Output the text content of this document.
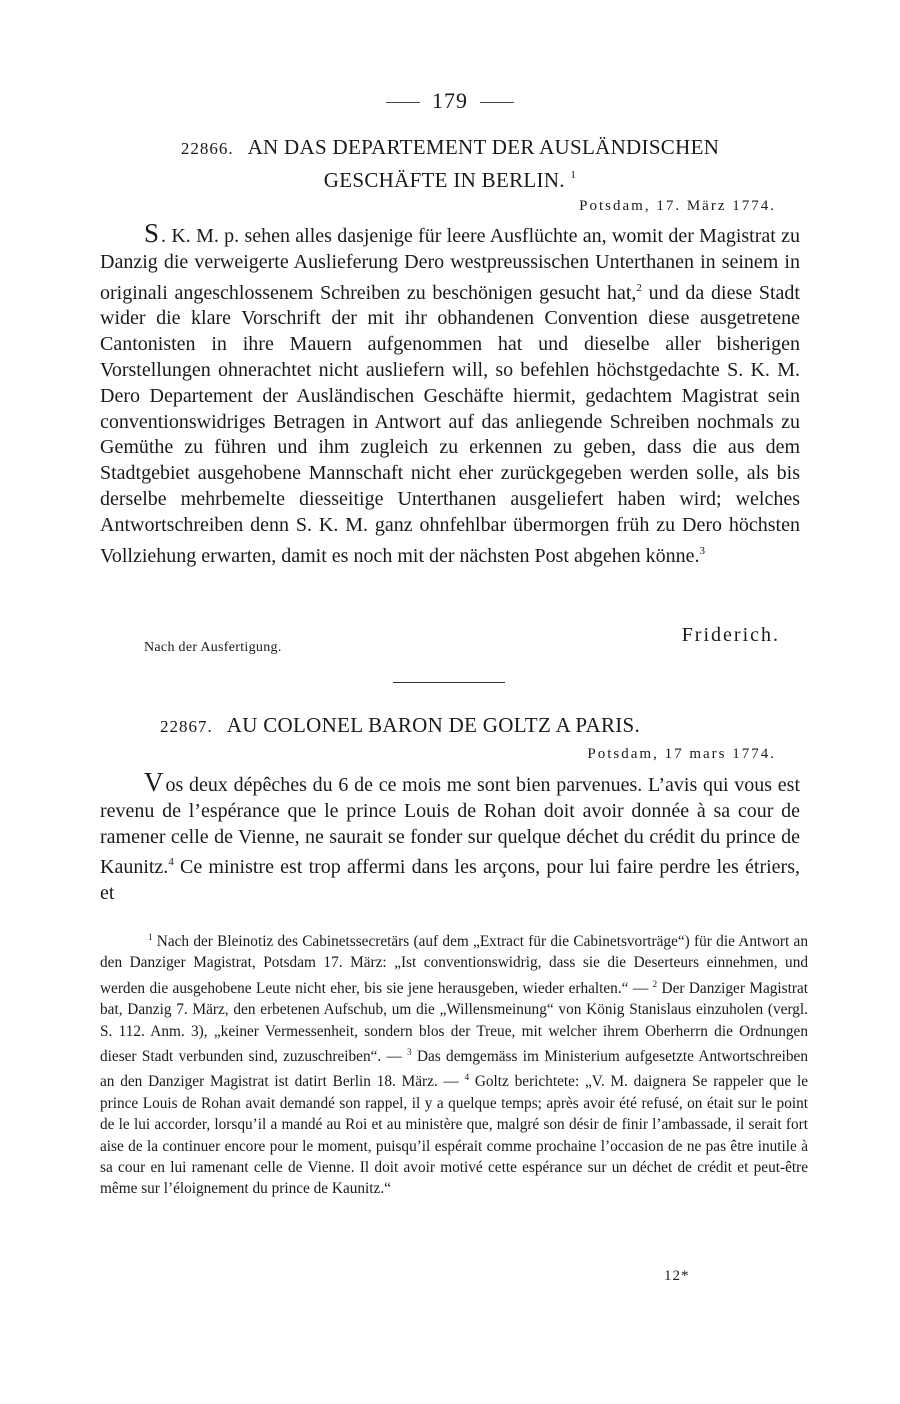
179
22866. AN DAS DEPARTEMENT DER AUSLÄNDISCHEN
GESCHÄFTE IN BERLIN. $^1$
Potsdam, 17. März 1774.

S. K. M. p. sehen alles dasjenige für leere Ausflüchte an, womit der Magistrat zu Danzig die verweigerte Auslieferung Dero westpreussischen Unterthanen in seinem in originali angeschlossenem Schreiben zu beschönigen gesucht hat,$^2$ und da diese Stadt wider die klare Vorschrift der mit ihr obhandenen Convention diese ausgetretene Cantonisten in ihre Mauern aufgenommen hat und dieselbe aller bisherigen Vorstellungen ohnerachtet nicht ausliefern will, so befehlen höchstgedachte S. K. M. Dero Departement der Ausländischen Geschäfte hiermit, gedachtem Magistrat sein conventionswidriges Betragen in Antwort auf das anliegende Schreiben nochmals zu Gemüthe zu führen und ihm zugleich zu erkennen zu geben, dass die aus dem Stadtgebiet ausgehobene Mannschaft nicht eher zurückgegeben werden solle, als bis derselbe mehrbemelte diesseitige Unterthanen ausgeliefert haben wird; welches Antwortschreiben denn S. K. M. ganz ohnfehlbar übermorgen früh zu Dero höchsten Vollziehung erwarten, damit es noch mit der nächsten Post abgehen könne.$^3$

Friderich.
Nach der Ausfertigung.
22867. AU COLONEL BARON DE GOLTZ A PARIS.
Potsdam, 17 mars 1774.

Vos deux dépêches du 6 de ce mois me sont bien parvenues. L’avis qui vous est revenu de l’espérance que le prince Louis de Rohan doit avoir donnée à sa cour de ramener celle de Vienne, ne saurait se fonder sur quelque déchet du crédit du prince de Kaunitz.$^4$ Ce ministre est trop affermi dans les arçons, pour lui faire perdre les étriers, et

$^1$ Nach der Bleinotiz des Cabinetssecretärs (auf dem „Extract für die Cabinetsvorträge“) für die Antwort an den Danziger Magistrat, Potsdam 17. März: „Ist conventionswidrig, dass sie die Deserteurs einnehmen, und werden die ausgehobene Leute nicht eher, bis sie jene herausgeben, wieder erhalten.“ — $^2$ Der Danziger Magistrat bat, Danzig 7. März, den erbetenen Aufschub, um die „Willensmeinung“ von König Stanislaus einzuholen (vergl. S. 112. Anm. 3), „keiner Vermessenheit, sondern blos der Treue, mit welcher ihrem Oberherrn die Ordnungen dieser Stadt verbunden sind, zuzuschreiben“. — $^3$ Das demgemäss im Ministerium aufgesetzte Antwortschreiben an den Danziger Magistrat ist datirt Berlin 18. März. — $^4$ Goltz berichtete: „V. M. daignera Se rappeler que le prince Louis de Rohan avait demandé son rappel, il y a quelque temps; après avoir été refusé, on était sur le point de le lui accorder, lorsqu’il a mandé au Roi et au ministère que, malgré son désir de finir l’ambassade, il serait fort aise de la continuer encore pour le moment, puisqu’il espérait comme prochaine l’occasion de ne pas être inutile à sa cour en lui ramenant celle de Vienne. Il doit avoir motivé cette espérance sur un déchet de crédit et peut-être même sur l’éloignement du prince de Kaunitz.“

12*
